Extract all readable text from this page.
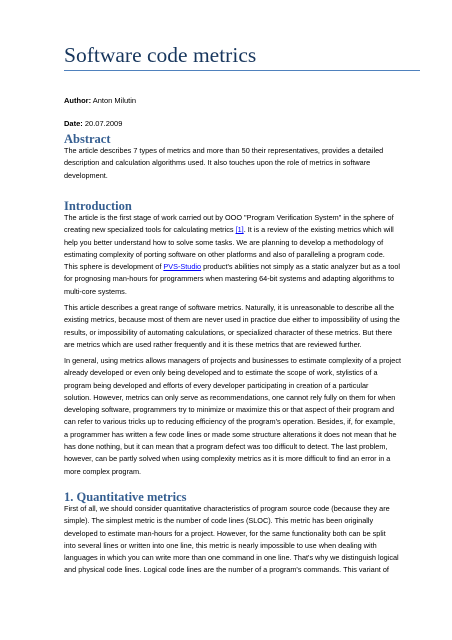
Software code metrics
Author: Anton Milutin
Date: 20.07.2009
Abstract
The article describes 7 types of metrics and more than 50 their representatives, provides a detailed
description and calculation algorithms used. It also touches upon the role of metrics in software
development.
Introduction
The article is the first stage of work carried out by OOO "Program Verification System" in the sphere of
creating new specialized tools for calculating metrics [1]. It is a review of the existing metrics which will
help you better understand how to solve some tasks. We are planning to develop a methodology of
estimating complexity of porting software on other platforms and also of paralleling a program code.
This sphere is development of PVS-Studio product's abilities not simply as a static analyzer but as a tool
for prognosing man-hours for programmers when mastering 64-bit systems and adapting algorithms to
multi-core systems.
This article describes a great range of software metrics. Naturally, it is unreasonable to describe all the
existing metrics, because most of them are never used in practice due either to impossibility of using the
results, or impossibility of automating calculations, or specialized character of these metrics. But there
are metrics which are used rather frequently and it is these metrics that are reviewed further.
In general, using metrics allows managers of projects and businesses to estimate complexity of a project
already developed or even only being developed and to estimate the scope of work, stylistics of a
program being developed and efforts of every developer participating in creation of a particular
solution. However, metrics can only serve as recommendations, one cannot rely fully on them for when
developing software, programmers try to minimize or maximize this or that aspect of their program and
can refer to various tricks up to reducing efficiency of the program's operation. Besides, if, for example,
a programmer has written a few code lines or made some structure alterations it does not mean that he
has done nothing, but it can mean that a program defect was too difficult to detect. The last problem,
however, can be partly solved when using complexity metrics as it is more difficult to find an error in a
more complex program.
1. Quantitative metrics
First of all, we should consider quantitative characteristics of program source code (because they are
simple). The simplest metric is the number of code lines (SLOC). This metric has been originally
developed to estimate man-hours for a project. However, for the same functionality both can be split
into several lines or written into one line, this metric is nearly impossible to use when dealing with
languages in which you can write more than one command in one line. That's why we distinguish logical
and physical code lines. Logical code lines are the number of a program's commands. This variant of
